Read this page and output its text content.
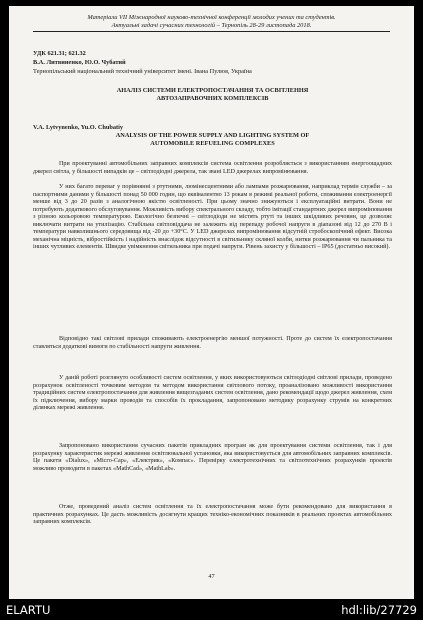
Матеріали VII Міжнародної науково-технічної конференції молодих учених та студентів.
Актуальні задачі сучасних технологій – Тернопіль 28-29 листопада 2018.
УДК 621.31; 621.32
В.А. Литвиненко, Ю.О. Чубатий
Тернопільський національний технічний університет імені. Івана Пулюя, Україна
АНАЛІЗ СИСТЕМИ ЕЛЕКТРОПОСТАЧАННЯ ТА ОСВІТЛЕННЯ
АВТОЗАПРАВОЧНИХ КОМПЛЕКСІВ
V.A. Lytvynenko, Yu.O. Chubatiy
ANALYSIS OF THE POWER SUPPLY AND LIGHTING SYSTEM OF
AUTOMOBILE REFUELING COMPLEXES

При проектуванні автомобільних заправних комплексів система освітлення розробляється з використанням енергоощадних джерел світла, у більшості випадків це – світлодіодні джерела, так звані LED джерелах випромінювання.

У них багато переваг у порівнянні з ртутними, люмінесцентними або лампами розжарювання, наприклад термін служби – за паспортними даними у більшості понад 50 000 годин, що еквівалентно 13 рокам в режимі реальної роботи, споживання електроенергії менше від 3 до 20 разів з аналогічною якістю освітленості. При цьому значно знижуються і експлуатаційні витрати. Вони не потребують додаткового обслуговування. Можливість вибору спектрального складу, тобто імітації стандартних джерел випромінювання з різною кольоровою температурою. Екологічно безпечні – світлодіоди не містять ртуті та інших шкідливих речовин, це дозволяє виключати витрати на утилізацію. Стабільна світловіддача не залежить від перепаду робочої напруги в діапазоні від 12 до 270 В і температури навколишнього середовища від -20 до +30°С. У LED джерелах випромінювання відсутній стробоскопічний ефект. Висока механічна міцність, вібростійкість і надійність внаслідок відсутності в світильнику скляної колби, нитки розжарювання чи пальника та інших чутливих елементів. Швидке увімкнення світильника при подачі напруги. Рівень захисту у більшості – IP65 (достатньо високий).

Відповідно такі світлові прилади споживають електроенергію меншої потужності. Проте до систем їх електропостачання ставляться додаткові вимоги по стабільності напруги живлення.

У даній роботі розглянуто особливості систем освітлення, у яких використовуються світлодіодні світлові прилади, проведено розрахунок освітленості точковим методом та методом використання світлового потоку, проаналізовано можливості використання традиційних систем електропостачання для живлення вищезгаданих систем освітлення, дано рекомендації щодо джерел живлення, схем їх підключення, вибору марки проводів та способів їх прокладання, запропоновано методику розрахунку струмів на конкретних ділянках мережі живлення.

Запропоновано використання сучасних пакетів прикладних програм як для проектування системи освітлення, так і для розрахунку характеристик мережі живлення освітлювальної установки, яка використовується для автомобільних заправних комплексів. Це пакети «Dialux», «Місго-Сар», «Електрик», «Компас». Перевірку електротехнічних та світлотехнічних розрахунків проектів можливо проводити в пакетах «MathCad», «MathLab».

Отже, проведений аналіз систем освітлення та їх електропостачання може бути рекомендовано для використання в практичних розрахунках. Це дасть можливість досягнути кращих техніко-економічних показників в реальних проектах автомобільних заправних комплексів.

47
ELARTU	hdl:lib/27729
